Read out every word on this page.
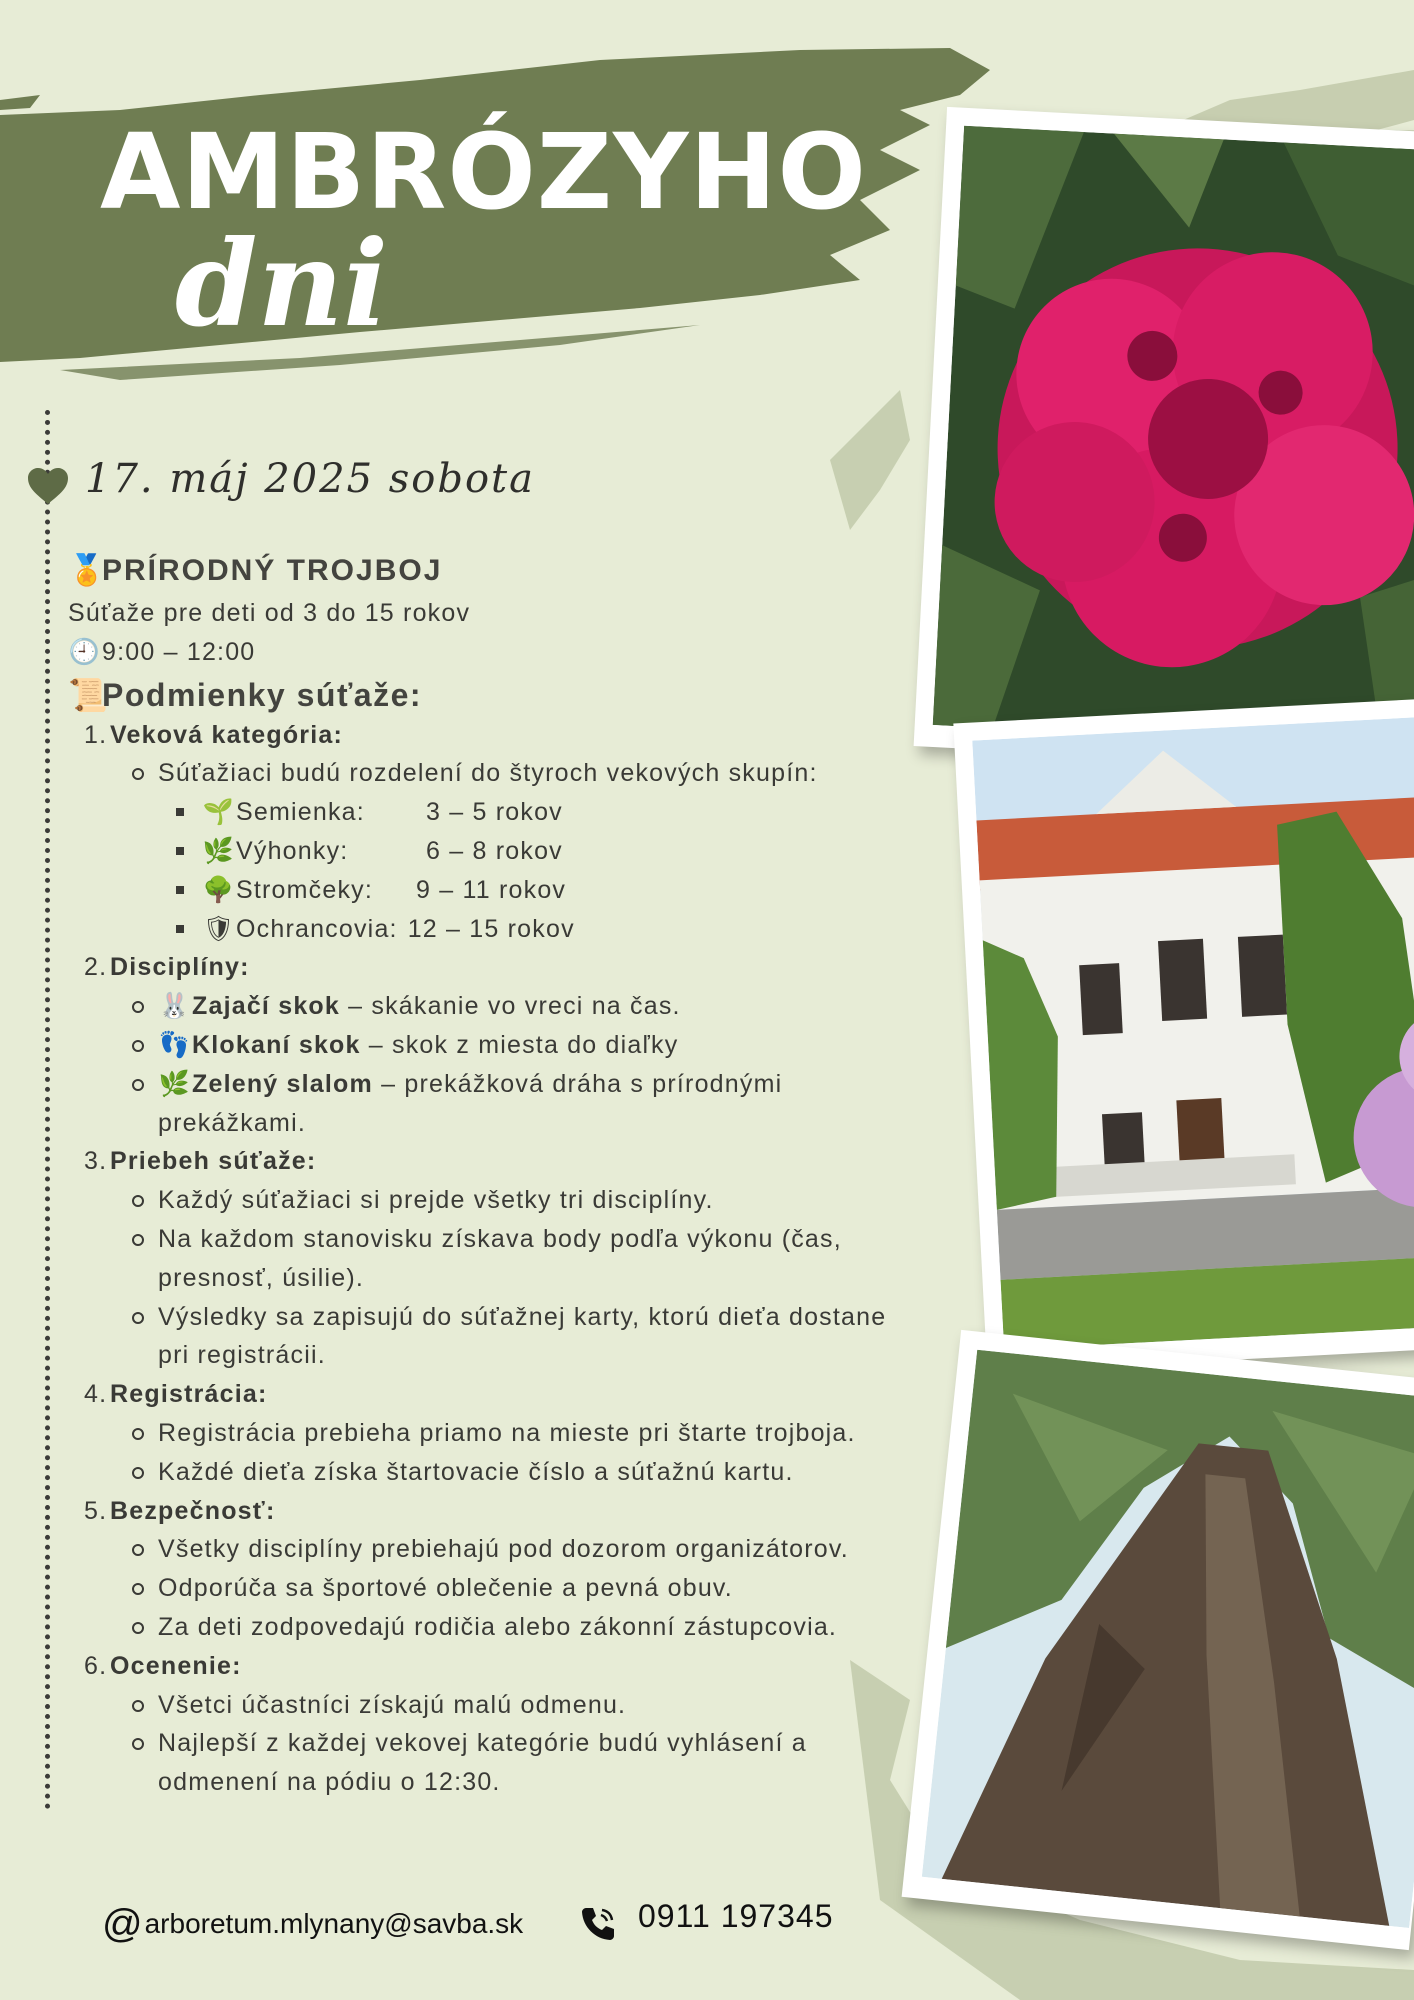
AMBRÓZYHO
dni
17. máj 2025 sobota
🏅PRÍRODNÝ TROJBOJ
Súťaže pre deti od 3 do 15 rokov
🕘9:00 – 12:00
📜Podmienky súťaže:
Veková kategória:
Súťažiaci budú rozdelení do štyroch vekových skupín:
🌱Semienka: 3 – 5 rokov
🌿Výhonky:	6 – 8 rokov
🌳Stromčeky: 9 – 11 rokov
🛡Ochrancovia: 12 – 15 rokov
Disciplíny:
🐰Zajačí skok – skákanie vo vreci na čas.
👣Klokaní skok – skok z miesta do diaľky
🌿Zelený slalom – prekážková dráha s prírodnými
prekážkami.
Priebeh súťaže:
Každý súťažiaci si prejde všetky tri disciplíny.
Na každom stanovisku získava body podľa výkonu (čas,
presnosť, úsilie).
Výsledky sa zapisujú do súťažnej karty, ktorú dieťa dostane
pri registrácii.
Registrácia:
Registrácia prebieha priamo na mieste pri štarte trojboja.
Každé dieťa získa štartovacie číslo a súťažnú kartu.
Bezpečnosť:
Všetky disciplíny prebiehajú pod dozorom organizátorov.
Odporúča sa športové oblečenie a pevná obuv.
Za deti zodpovedajú rodičia alebo zákonní zástupcovia.
Ocenenie:
Všetci účastníci získajú malú odmenu.
Najlepší z každej vekovej kategórie budú vyhlásení a
odmenení na pódiu o 12:30.
@arboretum.mlynany@savba.sk	0911 197345
